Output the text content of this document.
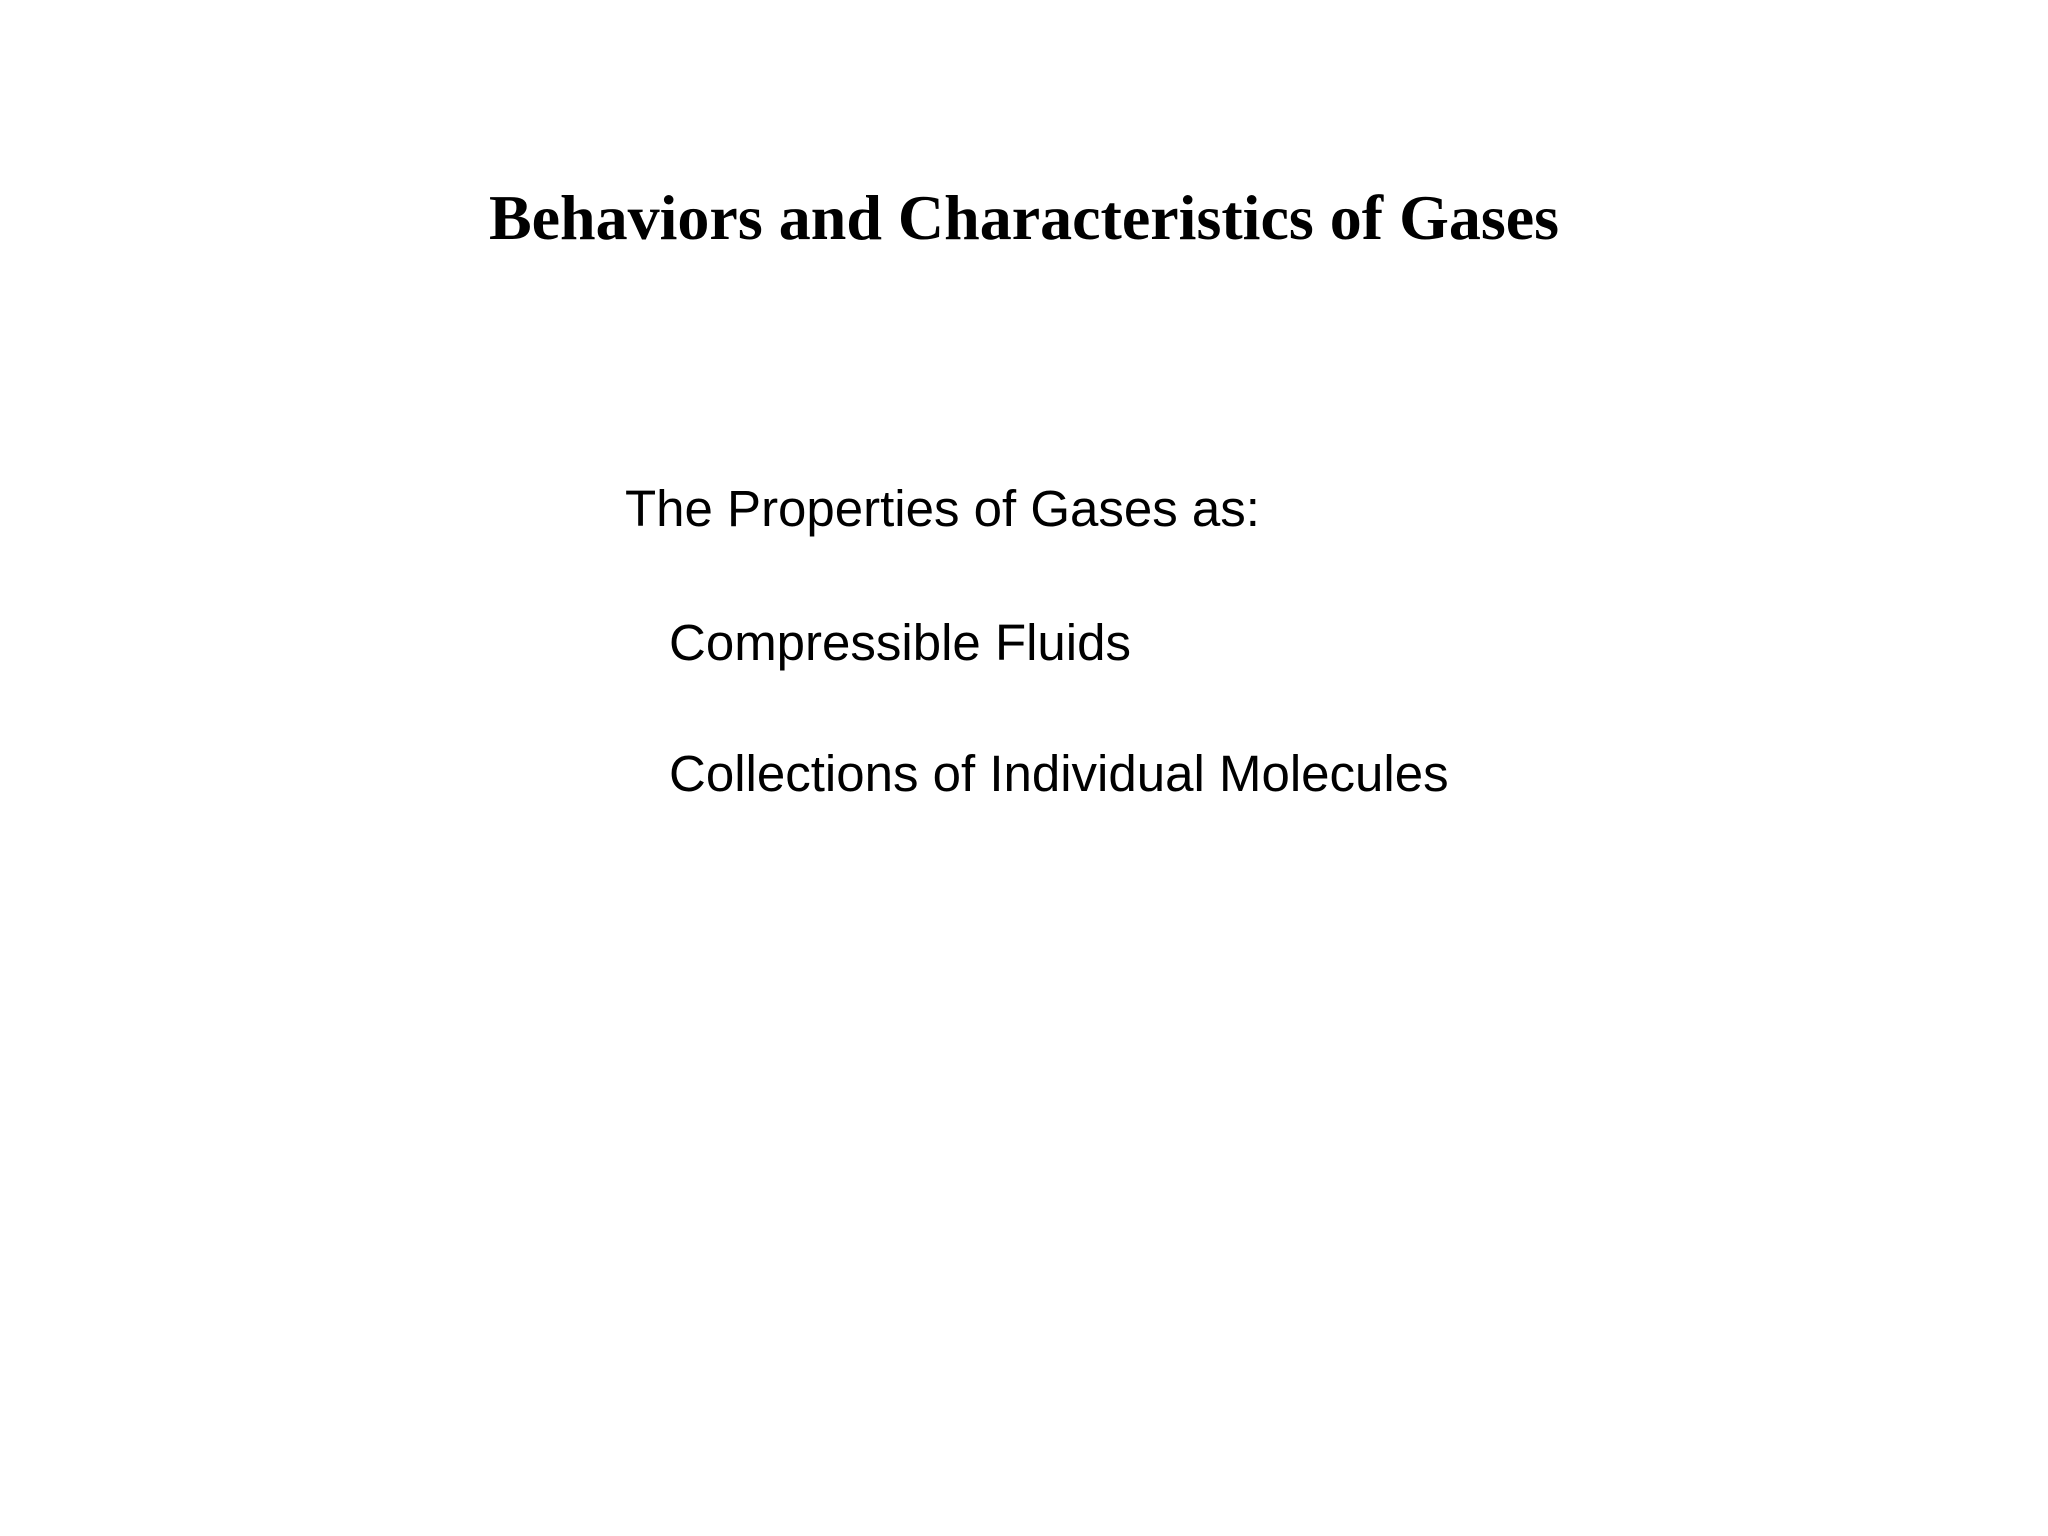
Behaviors and Characteristics of Gases
The Properties of Gases as:
Compressible Fluids
Collections of Individual Molecules
